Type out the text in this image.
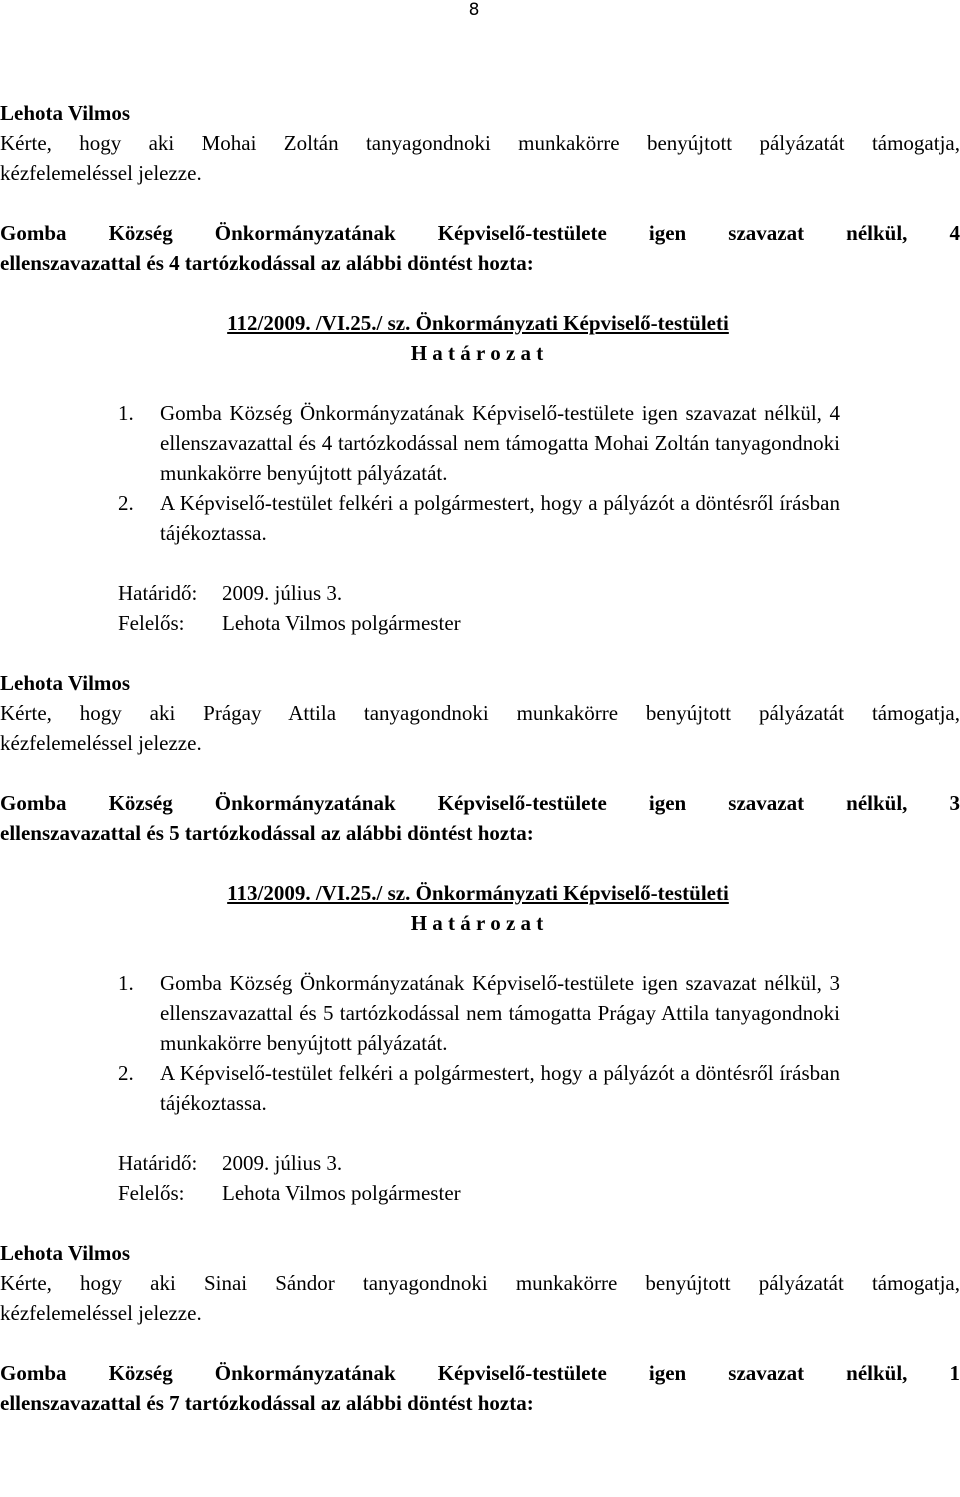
8
Lehota Vilmos
Kérte, hogy aki Mohai Zoltán tanyagondnoki munkakörre benyújtott pályázatát támogatja,
kézfelemeléssel jelezze.
Gomba Község Önkormányzatának Képviselő-testülete igen szavazat nélkül, 4
ellenszavazattal és 4 tartózkodással az alábbi döntést hozta:
112/2009. /VI.25./ sz. Önkormányzati Képviselő-testületi
H a t á r o z a t
1.	Gomba Község Önkormányzatának Képviselő-testülete igen szavazat nélkül, 4 ellenszavazattal és 4 tartózkodással nem támogatta Mohai Zoltán tanyagondnoki munkakörre benyújtott pályázatát.
2.	A Képviselő-testület felkéri a polgármestert, hogy a pályázót a döntésről írásban tájékoztassa.
Határidő: 2009. július 3.
Felelős: Lehota Vilmos polgármester
Lehota Vilmos
Kérte, hogy aki Prágay Attila tanyagondnoki munkakörre benyújtott pályázatát támogatja,
kézfelemeléssel jelezze.
Gomba Község Önkormányzatának Képviselő-testülete igen szavazat nélkül, 3
ellenszavazattal és 5 tartózkodással az alábbi döntést hozta:
113/2009. /VI.25./ sz. Önkormányzati Képviselő-testületi
H a t á r o z a t
1.	Gomba Község Önkormányzatának Képviselő-testülete igen szavazat nélkül, 3 ellenszavazattal és 5 tartózkodással nem támogatta Prágay Attila tanyagondnoki munkakörre benyújtott pályázatát.
2.	A Képviselő-testület felkéri a polgármestert, hogy a pályázót a döntésről írásban tájékoztassa.
Határidő: 2009. július 3.
Felelős: Lehota Vilmos polgármester
Lehota Vilmos
Kérte, hogy aki Sinai Sándor tanyagondnoki munkakörre benyújtott pályázatát támogatja,
kézfelemeléssel jelezze.
Gomba Község Önkormányzatának Képviselő-testülete igen szavazat nélkül, 1
ellenszavazattal és 7 tartózkodással az alábbi döntést hozta:
